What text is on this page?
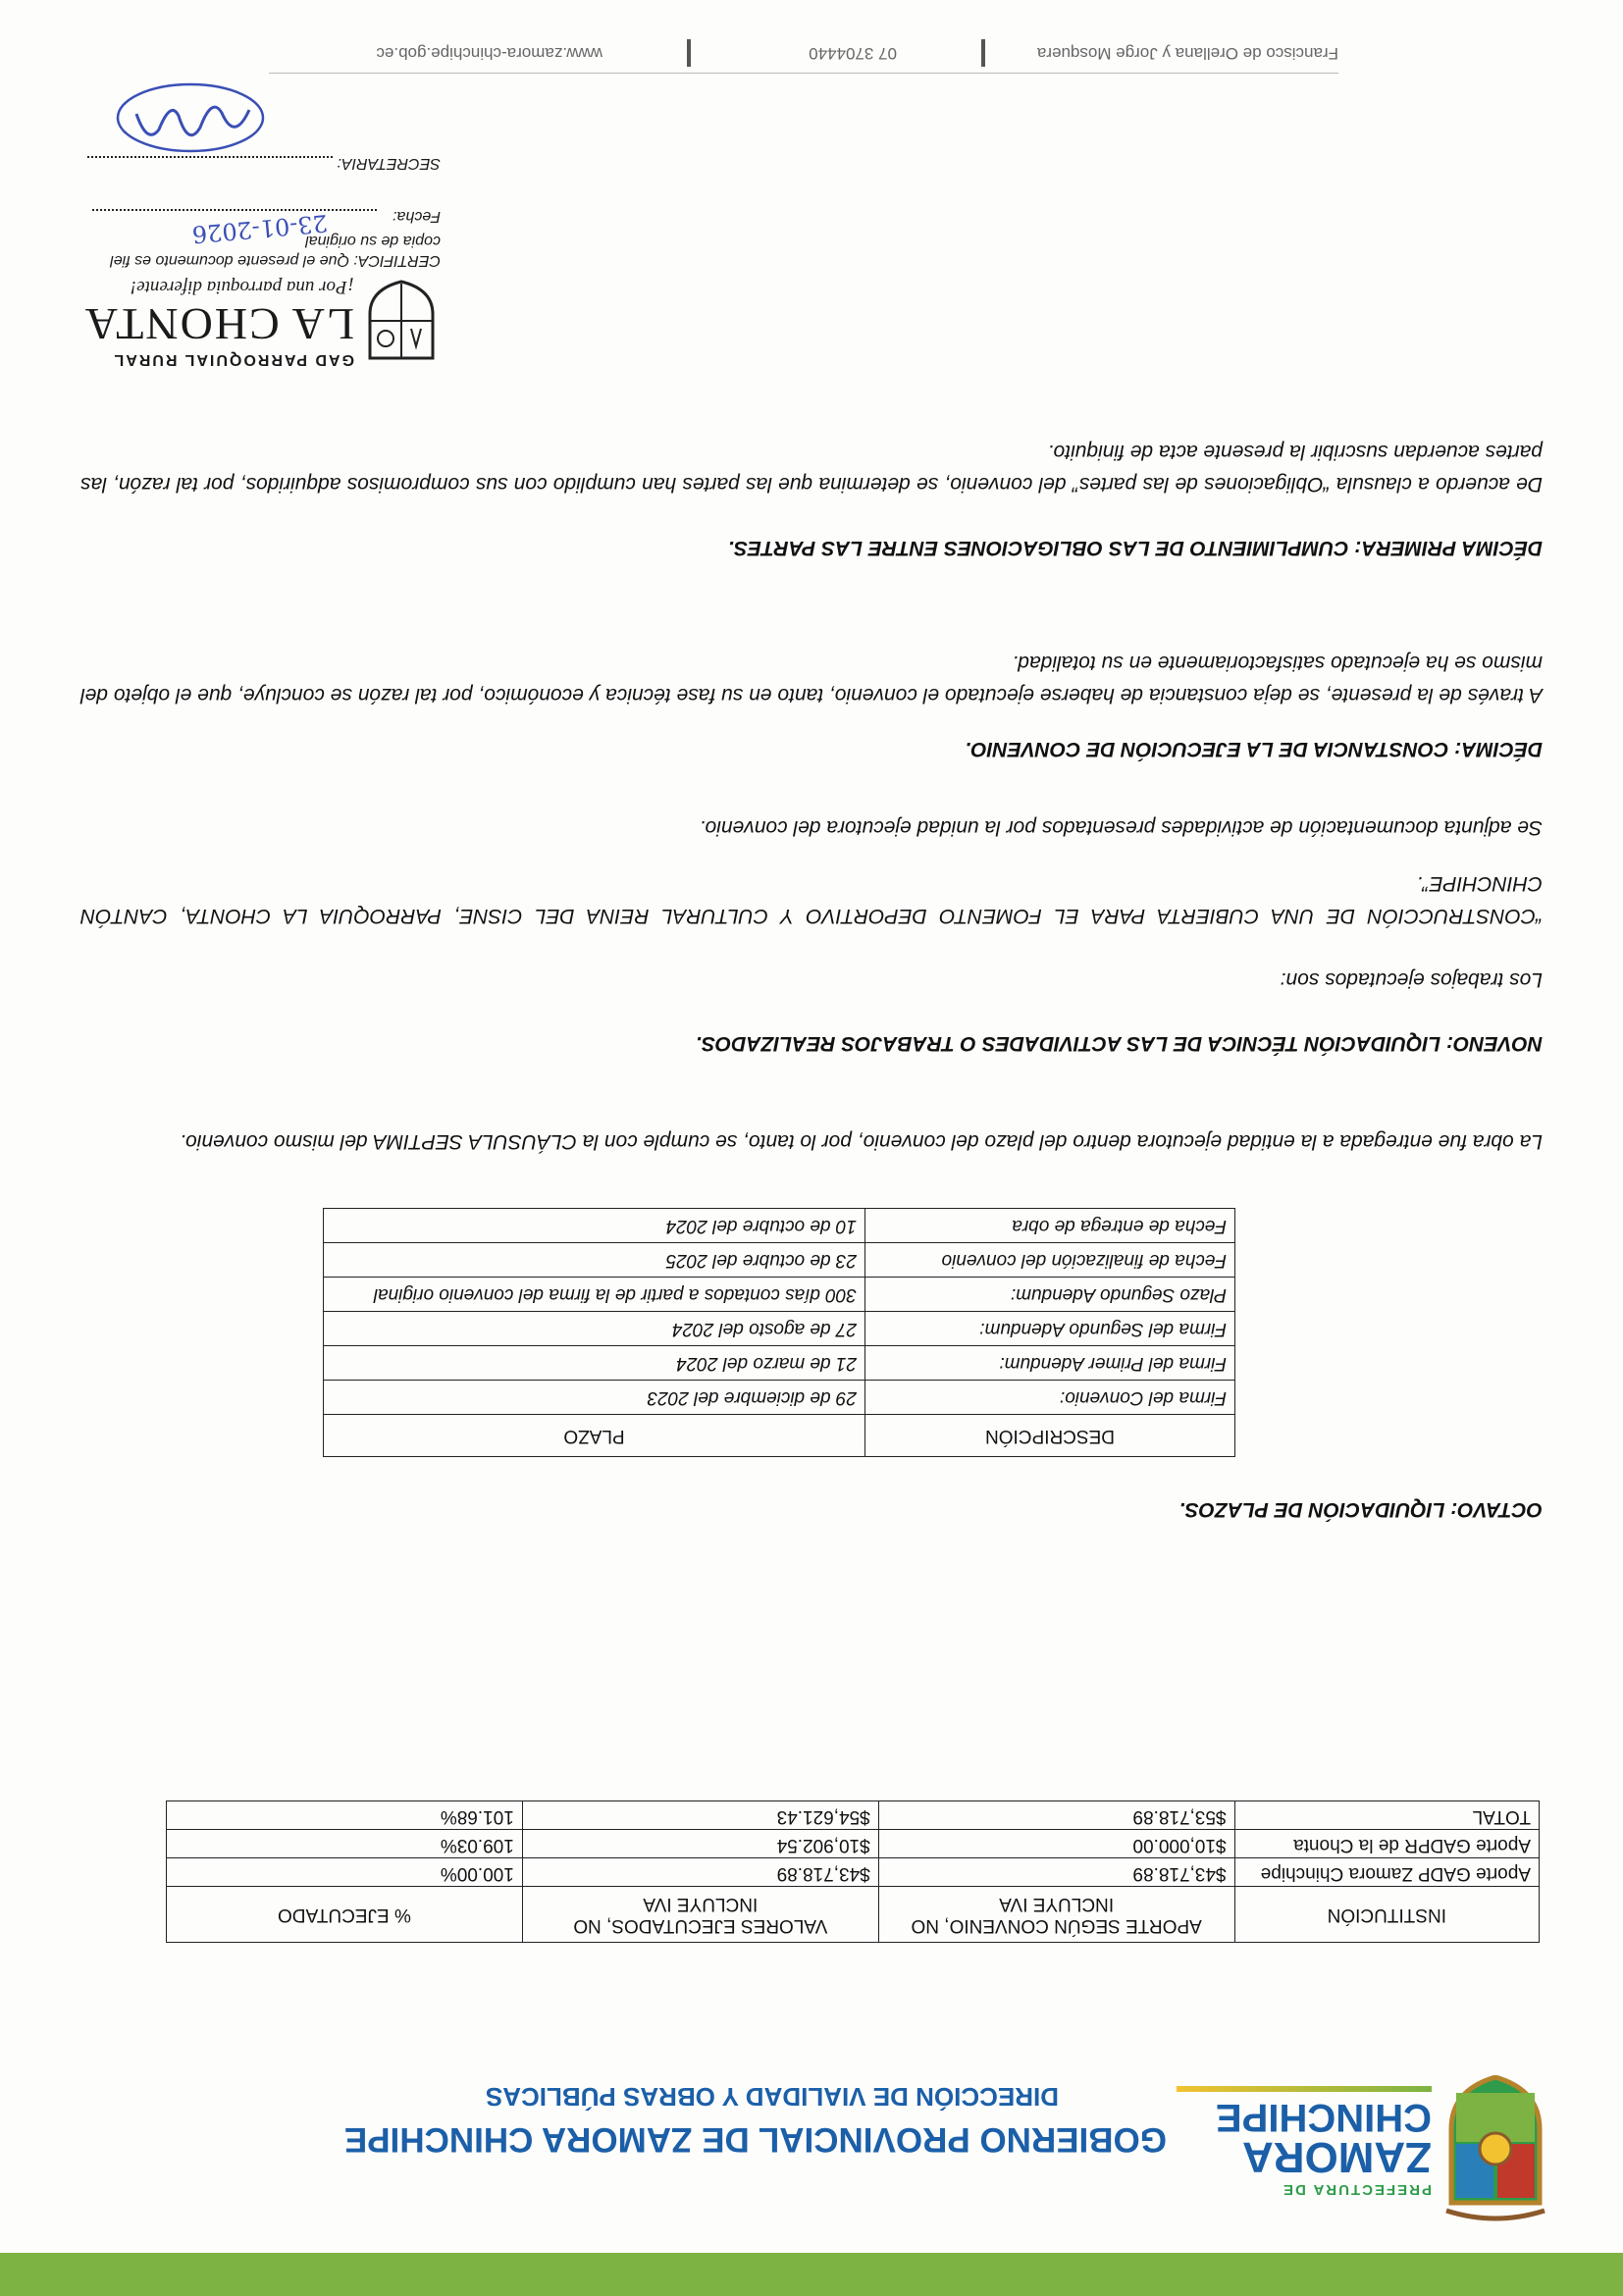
PREFECTURA DE
ZAMORA
CHINCHIPE
GOBIERNO PROVINCIAL DE ZAMORA CHINCHIPE
DIRECCIÓN DE VIALIDAD Y OBRAS PÚBLICAS
INSTITUCIÓN	APORTE SEGÚN CONVENIO, NO INCLUYE IVA	VALORES EJECUTADOS, NO INCLUYE IVA	% EJECUTADO
Aporte GADP Zamora Chinchipe	$43,718.89	$43,718.89	100.00%
Aporte GADPR de la Chonta	$10,000.00	$10,902.54	109.03%
TOTAL	$53,718.89	$54,621.43	101.68%
OCTAVO: LIQUIDACIÓN DE PLAZOS.
DESCRIPCIÓN	PLAZO
Firma del Convenio:	29 de diciembre del 2023
Firma del Primer Adendum:	21 de marzo del 2024
Firma del Segundo Adendum:	27 de agosto del 2024
Plazo Segundo Adendum:	300 días contados a partir de la firma del convenio original
Fecha de finalización del convenio	23 de octubre del 2025
Fecha de entrega de obra	10 de octubre del 2024
La obra fue entregada a la entidad ejecutora dentro del plazo del convenio, por lo tanto, se cumple con la CLÁUSULA SEPTIMA del mismo convenio.
NOVENO: LIQUIDACIÓN TÉCNICA DE LAS ACTIVIDADES O TRABAJOS REALIZADOS.
Los trabajos ejecutados son:
“CONSTRUCCIÓN DE UNA CUBIERTA PARA EL FOMENTO DEPORTIVO Y CULTURAL REINA DEL CISNE, PARROQUIA LA CHONTA, CANTÓN CHINCHIPE”.
Se adjunta documentación de actividades presentados por la unidad ejecutora del convenio.
DÉCIMA: CONSTANCIA DE LA EJECUCIÓN DE CONVENIO.
A través de la presente, se deja constancia de haberse ejecutado el convenio, tanto en su fase técnica y económico, por tal razón se concluye, que el objeto del mismo se ha ejecutado satisfactoriamente en su totalidad.
DÉCIMA PRIMERA: CUMPLIMIENTO DE LAS OBLIGACIONES ENTRE LAS PARTES.
De acuerdo a clausula “Obligaciones de las partes” del convenio, se determina que las partes han cumplido con sus compromisos adquiridos, por tal razón, las partes acuerdan suscribir la presente acta de finiquito.
GAD PARROQUIAL RURAL
LA CHONTA
¡Por una parroquia diferente!
CERTIFICA: Que el presente documento es fiel copia de su original
Fecha:
23-01-2026
SECRETARIA:
Francisco de Orellana y Jorge Mosquera
07 3704440
www.zamora-chinchipe.gob.ec
